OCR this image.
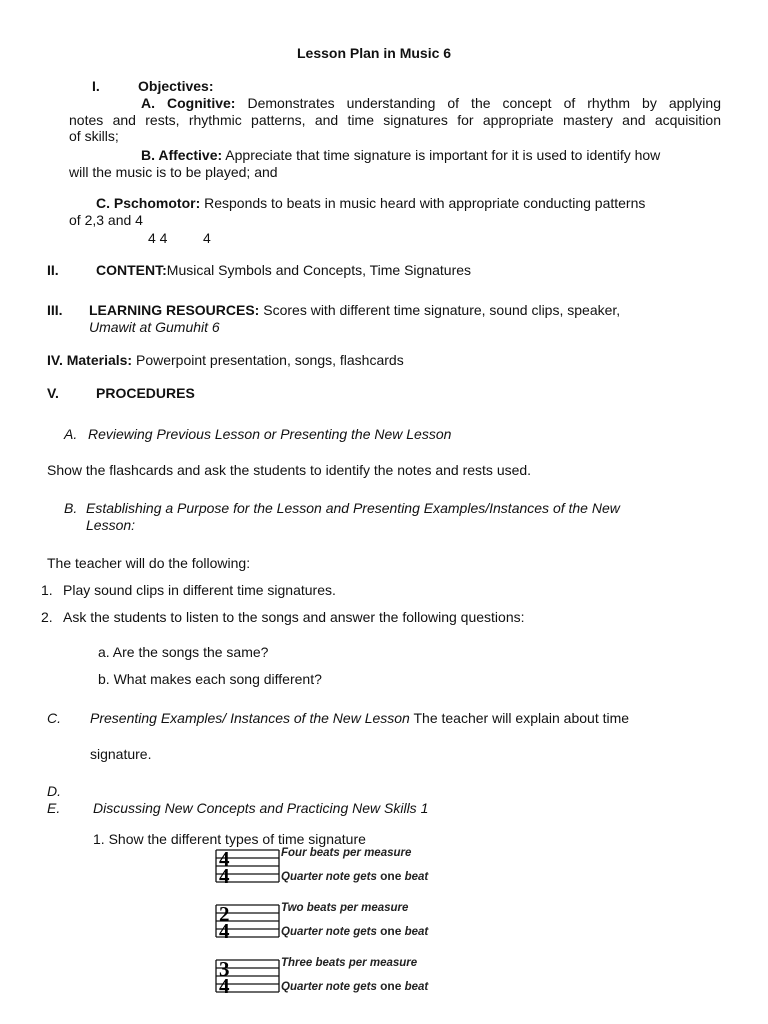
Lesson Plan in Music 6
I.	Objectives:
A. Cognitive: Demonstrates understanding of the concept of rhythm by applying
notes and rests, rhythmic patterns, and time signatures for appropriate mastery and acquisition
of skills;
B. Affective: Appreciate that time signature is important for it is used to identify how
will the music is to be played; and
C. Pschomotor: Responds to beats in music heard with appropriate conducting patterns
of 2,3 and 4
4 4	4
II.	CONTENT:Musical Symbols and Concepts, Time Signatures
III. LEARNING RESOURCES: Scores with different time signature, sound clips, speaker,
Umawit at Gumuhit 6
IV. Materials: Powerpoint presentation, songs, flashcards
V.	PROCEDURES
A. Reviewing Previous Lesson or Presenting the New Lesson
Show the flashcards and ask the students to identify the notes and rests used.
B. Establishing a Purpose for the Lesson and Presenting Examples/Instances of the New
Lesson:
The teacher will do the following:
1. Play sound clips in different time signatures.
2. Ask the students to listen to the songs and answer the following questions:
a. Are the songs the same?
b. What makes each song different?
C. Presenting Examples/ Instances of the New Lesson The teacher will explain about time
signature.
D.
E. Discussing New Concepts and Practicing New Skills 1
1. Show the different types of time signature
4
4
Four beats per measure
Quarter note gets one beat
2
4
Two beats per measure
Quarter note gets one beat
3
4
Three beats per measure
Quarter note gets one beat
